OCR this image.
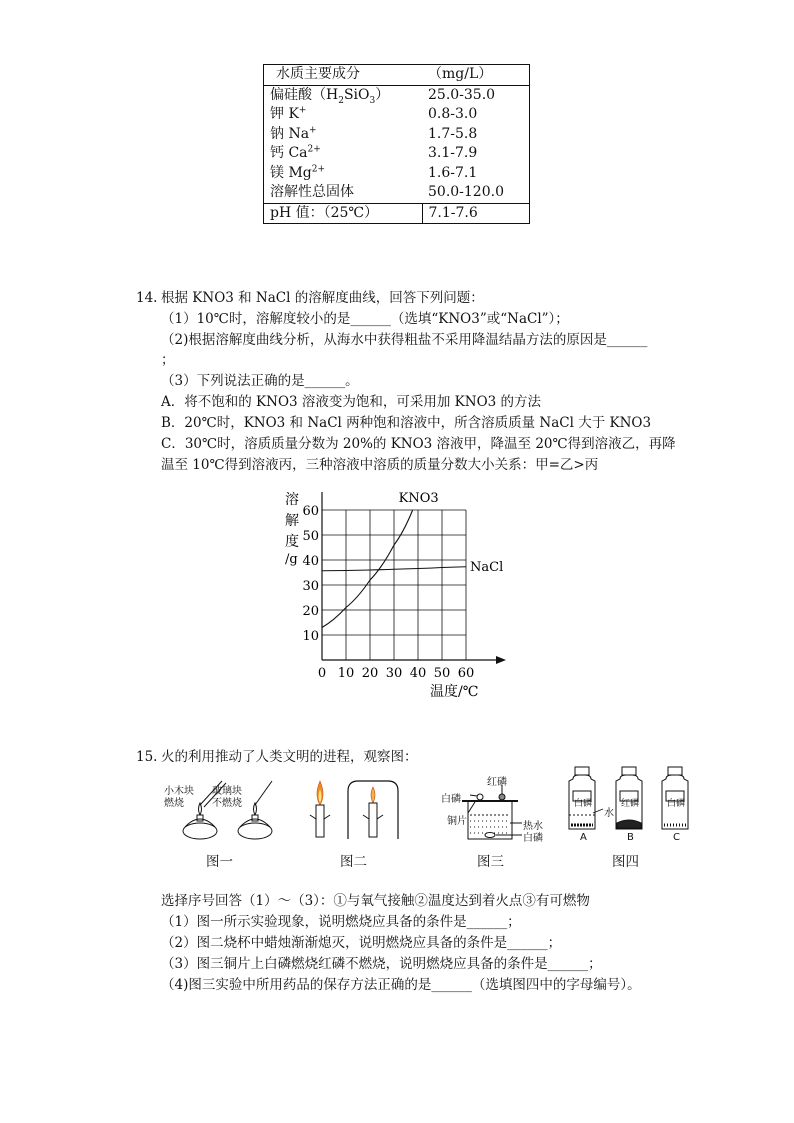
水质主要成分	（mg/L）
偏硅酸$(H_2SiO_3)$	25.0-35.0
钾 K+	0.8-3.0
钠 Na+	1.7-5.8
钙 $Ca^{2+}$	3.1-7.9
镁 $Mg^{2+}$	1.6-7.1
溶解性总固体	50.0-120.0
pH 值：（25℃）	7.1-7.6
14. 根据 KNO3 和 NaCl 的溶解度曲线，回答下列问题：
（1）10℃时，溶解度较小的是______（选填“KNO3”或“NaCl”）；
（2)根据溶解度曲线分析，从海水中获得粗盐不采用降温结晶方法的原因是______
；
（3）下列说法正确的是______。
A．将不饱和的 KNO3 溶液变为饱和，可采用加 KNO3 的方法
B．20℃时，KNO3 和 NaCl 两种饱和溶液中，所含溶质质量 NaCl 大于 KNO3
C．30℃时，溶质质量分数为 20%的 KNO3 溶液甲，降温至 20℃得到溶液乙，再降
温至 10℃得到溶液丙，三种溶液中溶质的质量分数大小关系：甲=乙>丙
KNO3
NaCl
0 10 20 30 40 50 60
10
20
30
40
50
60
溶
解
度
/g
温度/℃
15. 火的利用推动了人类文明的进程，观察图：
小木块燃烧
玻璃块不燃烧
图一	图二
红磷
白磷
铜片	热水
白磷
图三
白磷	红磷	白磷
水
A	B	C
图四
选择序号回答（1）～（3）：①与氧气接触②温度达到着火点③有可燃物
（1）图一所示实验现象，说明燃烧应具备的条件是______；
（2）图二烧杯中蜡烛渐渐熄灭，说明燃烧应具备的条件是______；
（3）图三铜片上白磷燃烧红磷不燃烧，说明燃烧应具备的条件是______；
（4)图三实验中所用药品的保存方法正确的是______（选填图四中的字母编号）。
